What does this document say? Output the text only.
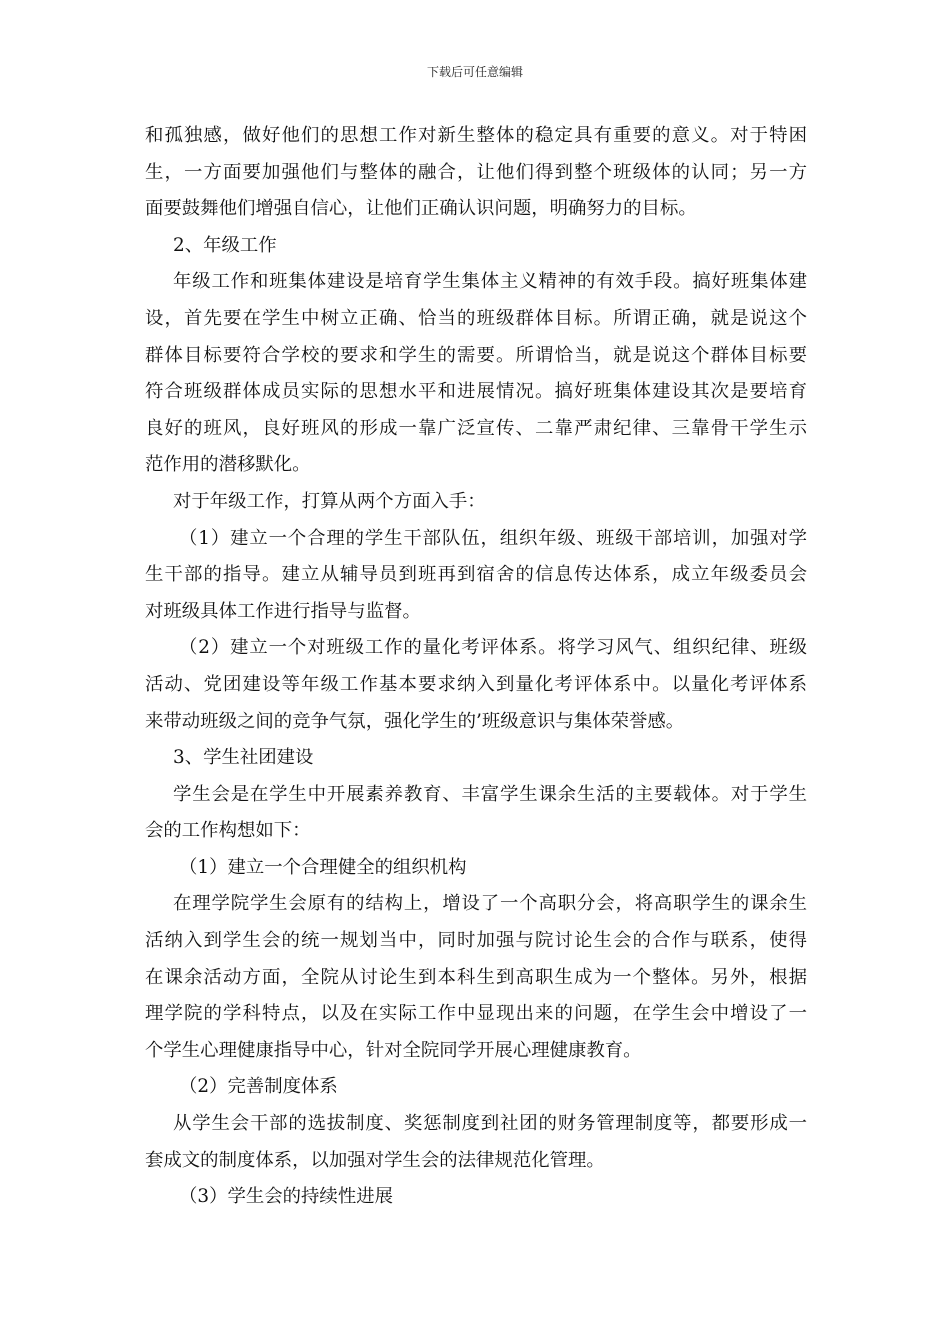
下载后可任意编辑
和孤独感，做好他们的思想工作对新生整体的稳定具有重要的意义。对于特困
生，一方面要加强他们与整体的融合，让他们得到整个班级体的认同；另一方
面要鼓舞他们增强自信心，让他们正确认识问题，明确努力的目标。
2、年级工作
年级工作和班集体建设是培育学生集体主义精神的有效手段。搞好班集体建
设，首先要在学生中树立正确、恰当的班级群体目标。所谓正确，就是说这个
群体目标要符合学校的要求和学生的需要。所谓恰当，就是说这个群体目标要
符合班级群体成员实际的思想水平和进展情况。搞好班集体建设其次是要培育
良好的班风，良好班风的形成一靠广泛宣传、二靠严肃纪律、三靠骨干学生示
范作用的潜移默化。
对于年级工作，打算从两个方面入手：
（1）建立一个合理的学生干部队伍，组织年级、班级干部培训，加强对学
生干部的指导。建立从辅导员到班再到宿舍的信息传达体系，成立年级委员会
对班级具体工作进行指导与监督。
（2）建立一个对班级工作的量化考评体系。将学习风气、组织纪律、班级
活动、党团建设等年级工作基本要求纳入到量化考评体系中。以量化考评体系
来带动班级之间的竞争气氛，强化学生的’班级意识与集体荣誉感。
3、学生社团建设
学生会是在学生中开展素养教育、丰富学生课余生活的主要载体。对于学生
会的工作构想如下：
（1）建立一个合理健全的组织机构
在理学院学生会原有的结构上，增设了一个高职分会，将高职学生的课余生
活纳入到学生会的统一规划当中，同时加强与院讨论生会的合作与联系，使得
在课余活动方面，全院从讨论生到本科生到高职生成为一个整体。另外，根据
理学院的学科特点，以及在实际工作中显现出来的问题，在学生会中增设了一
个学生心理健康指导中心，针对全院同学开展心理健康教育。
（2）完善制度体系
从学生会干部的选拔制度、奖惩制度到社团的财务管理制度等，都要形成一
套成文的制度体系，以加强对学生会的法律规范化管理。
（3）学生会的持续性进展
